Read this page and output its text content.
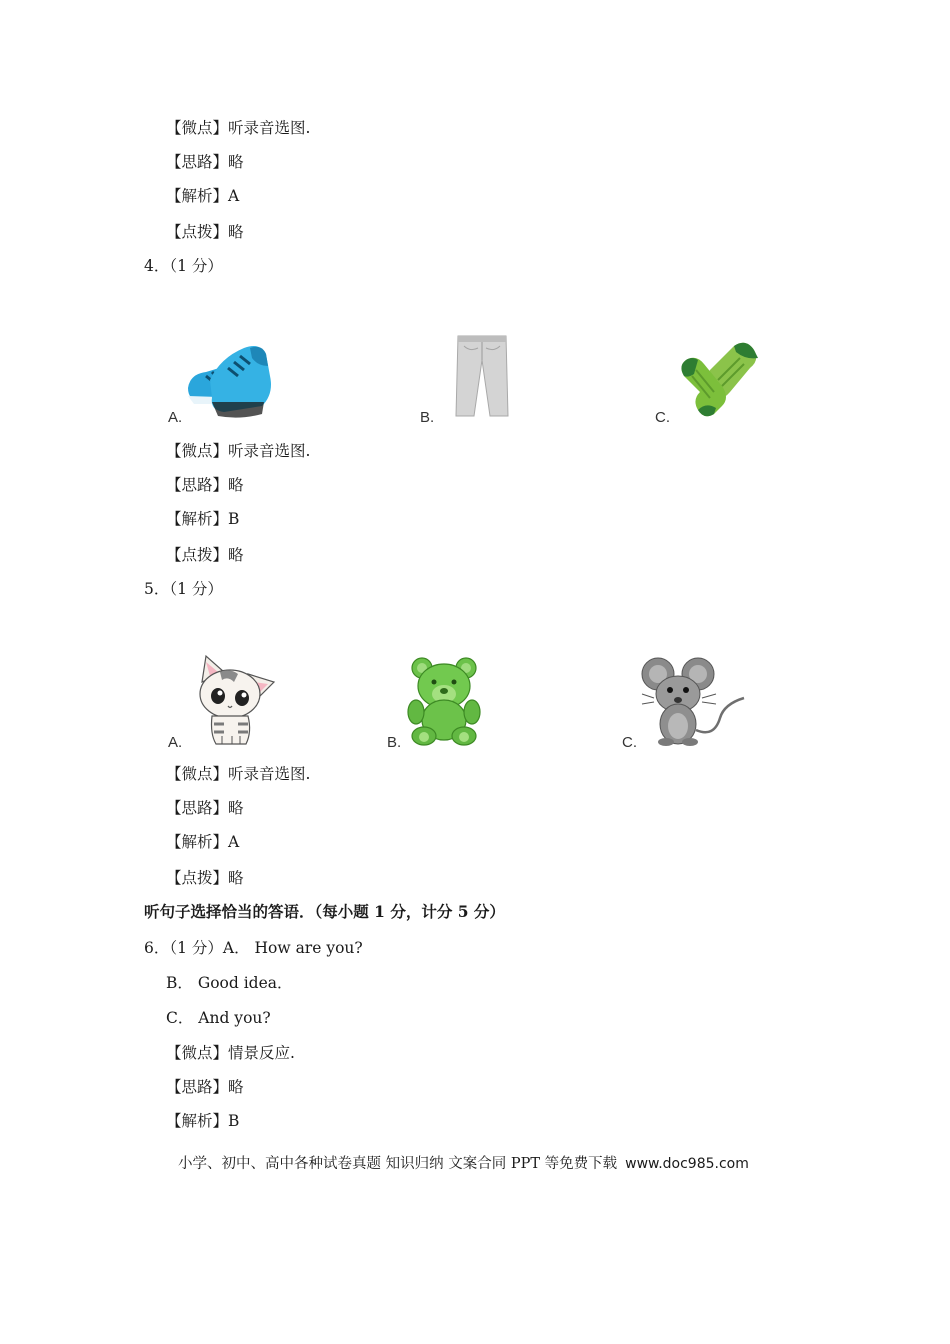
【微点】听录音选图.
【思路】略
【解析】A
【点拨】略
4．（1 分）
A.	B.	C.
【微点】听录音选图.
【思路】略
【解析】B
【点拨】略
5．（1 分）
A.	B.	C.
【微点】听录音选图.
【思路】略
【解析】A
【点拨】略
听句子选择恰当的答语．（每小题 1 分，计分 5 分）
6．（1 分）A． How are you?
B． Good idea．
C． And you?
【微点】情景反应.
【思路】略
【解析】B
小学、初中、高中各种试卷真题 知识归纳 文案合同 PPT 等免费下载 www.doc985.com
